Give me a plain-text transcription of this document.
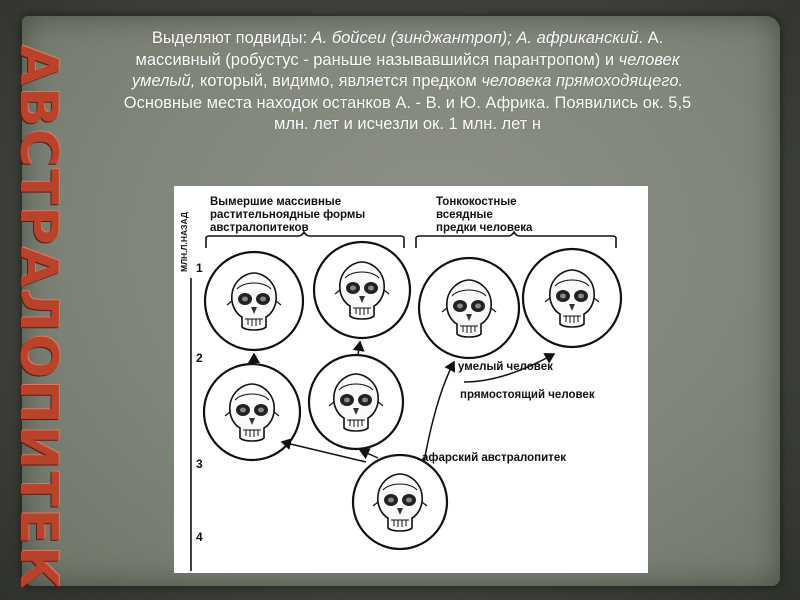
АВСТРАЛОПИТЕК
Выделяют подвиды: А. бойсеи (зинджантроп); А. африканский. А. массивный (робустус - раньше называвшийся парантропом) и человек умелый, который, видимо, является предком человека прямоходящего. Основные места находок останков А. - В. и Ю. Африка. Появились ок. 5,5 млн. лет и исчезли ок. 1 млн. лет н
МЛН.Л.НАЗАД 1
2
3
4
Вымершие массивные
растительноядные формы
австралопитеков
Тонкокостные
всеядные
предки человека
умелый человек
прямостоящий человек
афарский австралопитек
